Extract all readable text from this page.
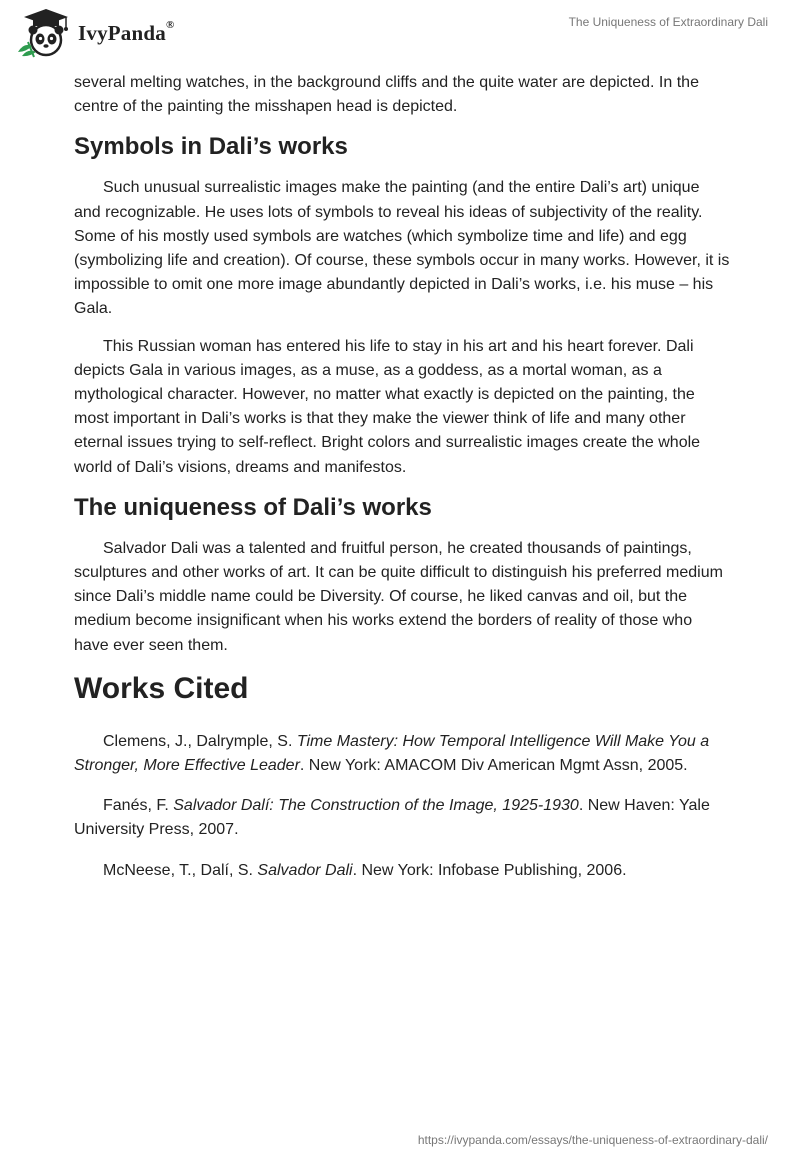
IvyPanda®	The Uniqueness of Extraordinary Dali

several melting watches, in the background cliffs and the quite water are depicted. In the centre of the painting the misshapen head is depicted.

Symbols in Dali’s works

Such unusual surrealistic images make the painting (and the entire Dali’s art) unique and recognizable. He uses lots of symbols to reveal his ideas of subjectivity of the reality. Some of his mostly used symbols are watches (which symbolize time and life) and egg (symbolizing life and creation). Of course, these symbols occur in many works. However, it is impossible to omit one more image abundantly depicted in Dali’s works, i.e. his muse – his Gala.

This Russian woman has entered his life to stay in his art and his heart forever. Dali depicts Gala in various images, as a muse, as a goddess, as a mortal woman, as a mythological character. However, no matter what exactly is depicted on the painting, the most important in Dali’s works is that they make the viewer think of life and many other eternal issues trying to self-reflect. Bright colors and surrealistic images create the whole world of Dali’s visions, dreams and manifestos.

The uniqueness of Dali’s works

Salvador Dali was a talented and fruitful person, he created thousands of paintings, sculptures and other works of art. It can be quite difficult to distinguish his preferred medium since Dali’s middle name could be Diversity. Of course, he liked canvas and oil, but the medium become insignificant when his works extend the borders of reality of those who have ever seen them.

Works Cited

Clemens, J., Dalrymple, S. Time Mastery: How Temporal Intelligence Will Make You a Stronger, More Effective Leader. New York: AMACOM Div American Mgmt Assn, 2005.

Fanés, F. Salvador Dalí: The Construction of the Image, 1925-1930. New Haven: Yale University Press, 2007.

McNeese, T., Dalí, S. Salvador Dali. New York: Infobase Publishing, 2006.

https://ivypanda.com/essays/the-uniqueness-of-extraordinary-dali/
